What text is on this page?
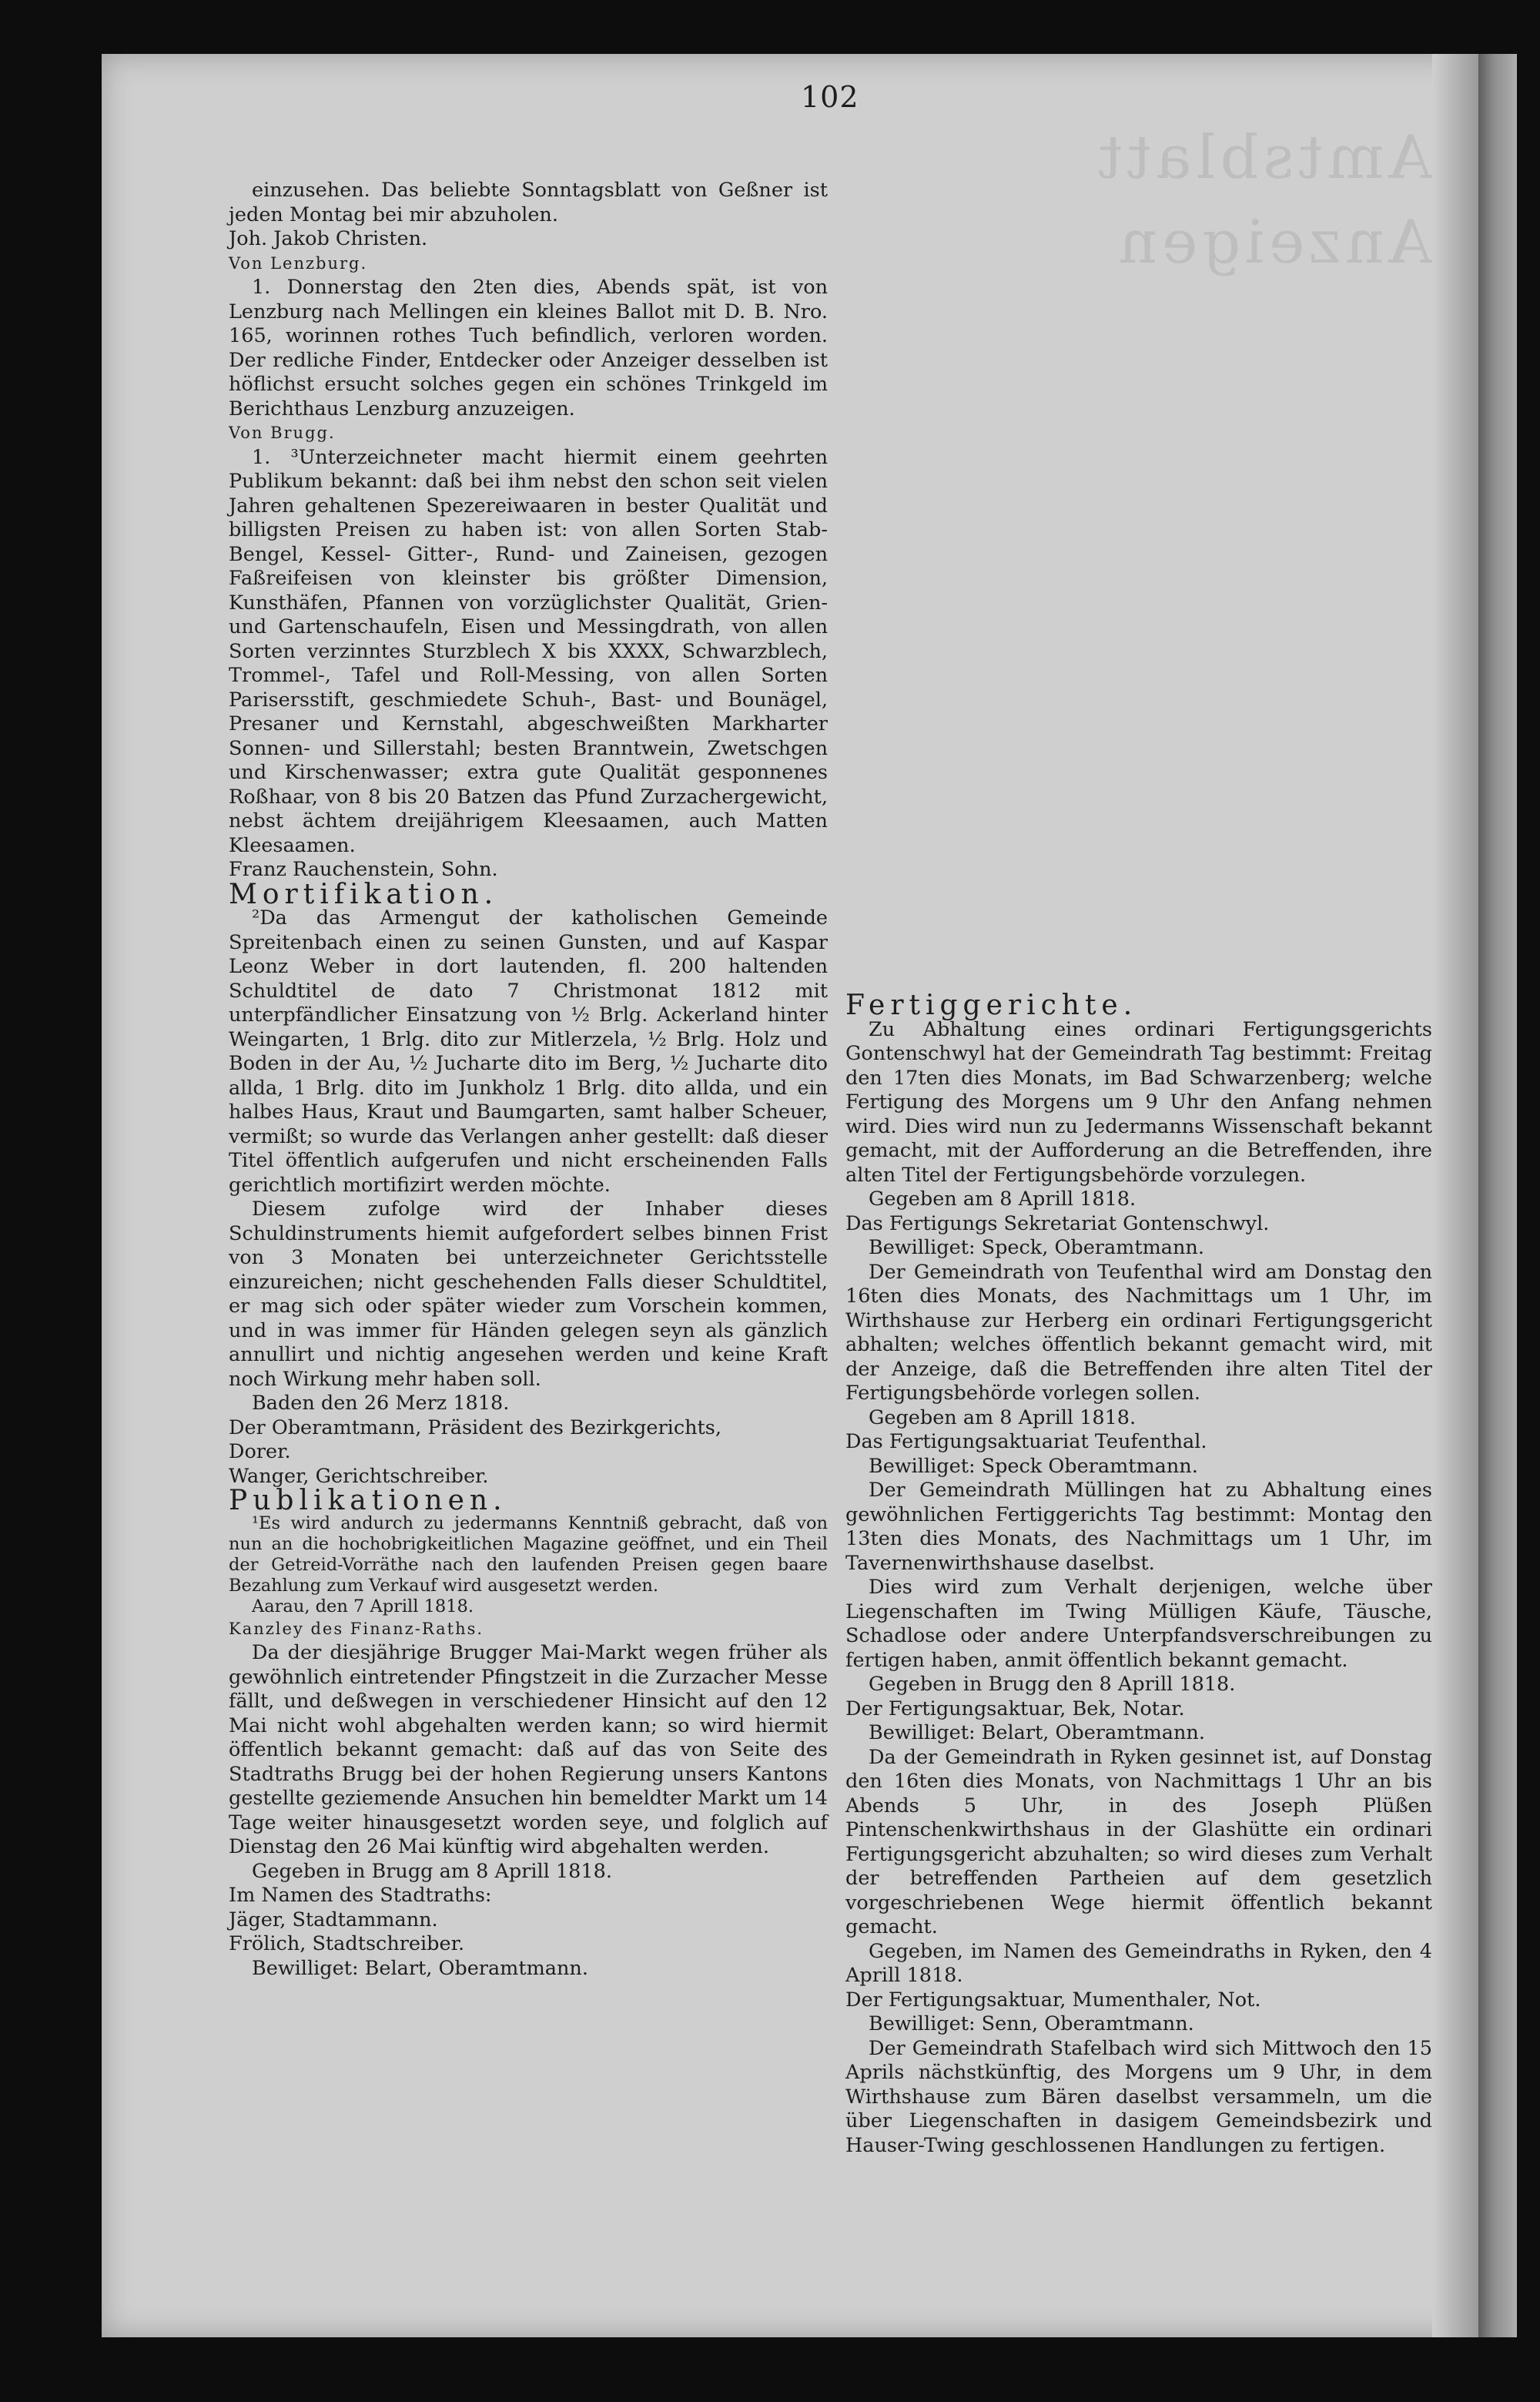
Amtsblatt Anzeigen
102

einzusehen. Das beliebte Sonntagsblatt von Geßner ist jeden Montag bei mir abzuholen.

Joh. Jakob Christen.

Von Lenzburg.

1. Donnerstag den 2ten dies, Abends spät, ist von Lenzburg nach Mellingen ein kleines Ballot mit D. B. Nro. 165, worinnen rothes Tuch befindlich, verloren worden. Der redliche Finder, Entdecker oder Anzeiger desselben ist höflichst ersucht solches gegen ein schönes Trinkgeld im Berichthaus Lenzburg anzuzeigen.

Von Brugg.

1. ³Unterzeichneter macht hiermit einem geehrten Publikum bekannt: daß bei ihm nebst den schon seit vielen Jahren gehaltenen Spezereiwaaren in bester Qualität und billigsten Preisen zu haben ist: von allen Sorten Stab- Bengel, Kessel- Gitter-, Rund- und Zaineisen, gezogen Faßreifeisen von kleinster bis größter Dimension, Kunsthäfen, Pfannen von vorzüglichster Qualität, Grien- und Gartenschaufeln, Eisen und Messingdrath, von allen Sorten verzinntes Sturzblech X bis XXXX, Schwarzblech, Trommel-, Tafel und Roll-Messing, von allen Sorten Parisersstift, geschmiedete Schuh-, Bast- und Bounägel, Presaner und Kernstahl, abgeschweißten Markharter Sonnen- und Sillerstahl; besten Branntwein, Zwetschgen und Kirschenwasser; extra gute Qualität gesponnenes Roßhaar, von 8 bis 20 Batzen das Pfund Zurzachergewicht, nebst ächtem dreijährigem Kleesaamen, auch Matten Kleesaamen.

Franz Rauchenstein, Sohn.

Mortifikation.

²Da das Armengut der katholischen Gemeinde Spreitenbach einen zu seinen Gunsten, und auf Kaspar Leonz Weber in dort lautenden, fl. 200 haltenden Schuldtitel de dato 7 Christmonat 1812 mit unterpfändlicher Einsatzung von ½ Brlg. Ackerland hinter Weingarten, 1 Brlg. dito zur Mitlerzela, ½ Brlg. Holz und Boden in der Au, ½ Jucharte dito im Berg, ½ Jucharte dito allda, 1 Brlg. dito im Junkholz 1 Brlg. dito allda, und ein halbes Haus, Kraut und Baumgarten, samt halber Scheuer, vermißt; so wurde das Verlangen anher gestellt: daß dieser Titel öffentlich aufgerufen und nicht erscheinenden Falls gerichtlich mortifizirt werden möchte.

Diesem zufolge wird der Inhaber dieses Schuldinstruments hiemit aufgefordert selbes binnen Frist von 3 Monaten bei unterzeichneter Gerichtsstelle einzureichen; nicht geschehenden Falls dieser Schuldtitel, er mag sich oder später wieder zum Vorschein kommen, und in was immer für Händen gelegen seyn als gänzlich annullirt und nichtig angesehen werden und keine Kraft noch Wirkung mehr haben soll.

Baden den 26 Merz 1818.

Der Oberamtmann, Präsident des Bezirkgerichts,

Dorer.

Wanger, Gerichtschreiber.

Publikationen.

¹Es wird andurch zu jedermanns Kenntniß gebracht, daß von nun an die hochobrigkeitlichen Magazine geöffnet, und ein Theil der Getreid-Vorräthe nach den laufenden Preisen gegen baare Bezahlung zum Verkauf wird ausgesetzt werden.

Aarau, den 7 Aprill 1818.

Kanzley des Finanz-Raths.

Da der diesjährige Brugger Mai-Markt wegen früher als gewöhnlich eintretender Pfingstzeit in die Zurzacher Messe fällt, und deßwegen in verschiedener Hinsicht auf den 12 Mai nicht wohl abgehalten werden kann; so wird hiermit öffentlich bekannt gemacht: daß auf das von Seite des Stadtraths Brugg bei der hohen Regierung unsers Kantons gestellte geziemende Ansuchen hin bemeldter Markt um 14 Tage weiter hinausgesetzt worden seye, und folglich auf Dienstag den 26 Mai künftig wird abgehalten werden.

Gegeben in Brugg am 8 Aprill 1818.

Im Namen des Stadtraths:

Jäger, Stadtammann.

Frölich, Stadtschreiber.

Bewilliget: Belart, Oberamtmann.

Fertiggerichte.

Zu Abhaltung eines ordinari Fertigungsgerichts Gontenschwyl hat der Gemeindrath Tag bestimmt: Freitag den 17ten dies Monats, im Bad Schwarzenberg; welche Fertigung des Morgens um 9 Uhr den Anfang nehmen wird. Dies wird nun zu Jedermanns Wissenschaft bekannt gemacht, mit der Aufforderung an die Betreffenden, ihre alten Titel der Fertigungsbehörde vorzulegen.

Gegeben am 8 Aprill 1818.

Das Fertigungs Sekretariat Gontenschwyl.

Bewilliget: Speck, Oberamtmann.

Der Gemeindrath von Teufenthal wird am Donstag den 16ten dies Monats, des Nachmittags um 1 Uhr, im Wirthshause zur Herberg ein ordinari Fertigungsgericht abhalten; welches öffentlich bekannt gemacht wird, mit der Anzeige, daß die Betreffenden ihre alten Titel der Fertigungsbehörde vorlegen sollen.

Gegeben am 8 Aprill 1818.

Das Fertigungsaktuariat Teufenthal.

Bewilliget: Speck Oberamtmann.

Der Gemeindrath Müllingen hat zu Abhaltung eines gewöhnlichen Fertiggerichts Tag bestimmt: Montag den 13ten dies Monats, des Nachmittags um 1 Uhr, im Tavernenwirthshause daselbst.

Dies wird zum Verhalt derjenigen, welche über Liegenschaften im Twing Mülligen Käufe, Täusche, Schadlose oder andere Unterpfandsverschreibungen zu fertigen haben, anmit öffentlich bekannt gemacht.

Gegeben in Brugg den 8 Aprill 1818.

Der Fertigungsaktuar, Bek, Notar.

Bewilliget: Belart, Oberamtmann.

Da der Gemeindrath in Ryken gesinnet ist, auf Donstag den 16ten dies Monats, von Nachmittags 1 Uhr an bis Abends 5 Uhr, in des Joseph Plüßen Pintenschenkwirthshaus in der Glashütte ein ordinari Fertigungsgericht abzuhalten; so wird dieses zum Verhalt der betreffenden Partheien auf dem gesetzlich vorgeschriebenen Wege hiermit öffentlich bekannt gemacht.

Gegeben, im Namen des Gemeindraths in Ryken, den 4 Aprill 1818.

Der Fertigungsaktuar, Mumenthaler, Not.

Bewilliget: Senn, Oberamtmann.

Der Gemeindrath Stafelbach wird sich Mittwoch den 15 Aprils nächstkünftig, des Morgens um 9 Uhr, in dem Wirthshause zum Bären daselbst versammeln, um die über Liegenschaften in dasigem Gemeindsbezirk und Hauser-Twing geschlossenen Handlungen zu fertigen.
